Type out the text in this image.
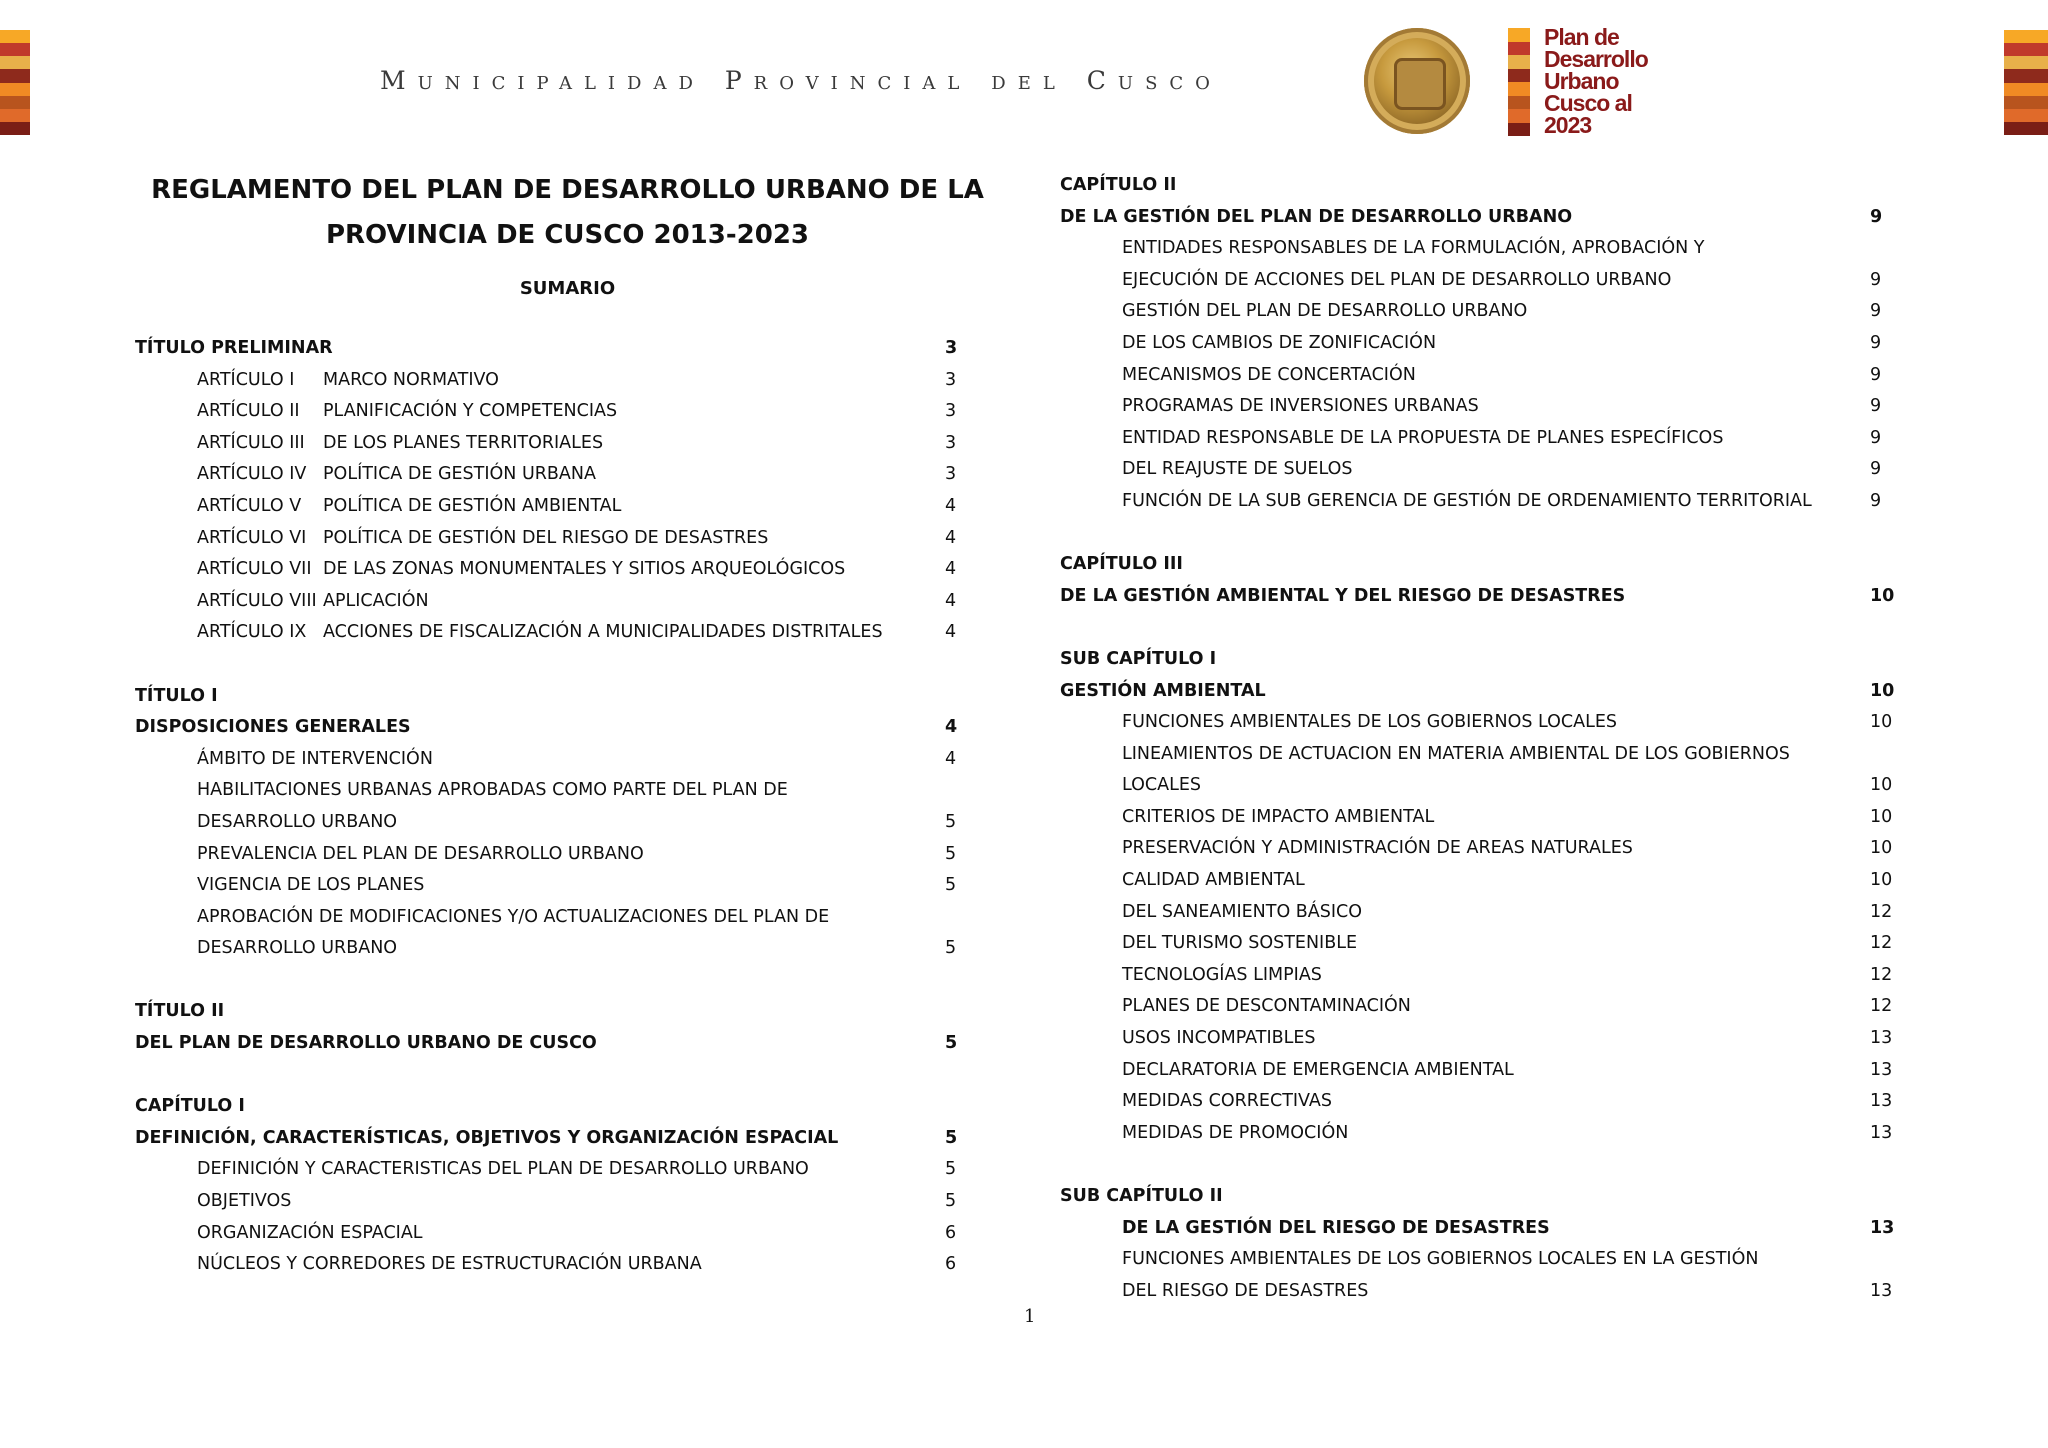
Municipalidad Provincial del Cusco
Plan de
Desarrollo
Urbano
Cusco al
2023
REGLAMENTO DEL PLAN DE DESARROLLO URBANO DE LA
PROVINCIA DE CUSCO 2013-2023
SUMARIO
TÍTULO PRELIMINAR	3
ARTÍCULO I MARCO NORMATIVO	3
ARTÍCULO II PLANIFICACIÓN Y COMPETENCIAS	3
ARTÍCULO III DE LOS PLANES TERRITORIALES	3
ARTÍCULO IV POLÍTICA DE GESTIÓN URBANA	3
ARTÍCULO V POLÍTICA DE GESTIÓN AMBIENTAL	4
ARTÍCULO VI POLÍTICA DE GESTIÓN DEL RIESGO DE DESASTRES	4
ARTÍCULO VII DE LAS ZONAS MONUMENTALES Y SITIOS ARQUEOLÓGICOS	4
ARTÍCULO VIII APLICACIÓN	4
ARTÍCULO IX ACCIONES DE FISCALIZACIÓN A MUNICIPALIDADES DISTRITALES	4
TÍTULO I
DISPOSICIONES GENERALES	4
ÁMBITO DE INTERVENCIÓN	4
HABILITACIONES URBANAS APROBADAS COMO PARTE DEL PLAN DE
DESARROLLO URBANO	5
PREVALENCIA DEL PLAN DE DESARROLLO URBANO	5
VIGENCIA DE LOS PLANES	5
APROBACIÓN DE MODIFICACIONES Y/O ACTUALIZACIONES DEL PLAN DE
DESARROLLO URBANO	5
TÍTULO II
DEL PLAN DE DESARROLLO URBANO DE CUSCO	5
CAPÍTULO I
DEFINICIÓN, CARACTERÍSTICAS, OBJETIVOS Y ORGANIZACIÓN ESPACIAL	5
DEFINICIÓN Y CARACTERISTICAS DEL PLAN DE DESARROLLO URBANO	5
OBJETIVOS	5
ORGANIZACIÓN ESPACIAL	6
NÚCLEOS Y CORREDORES DE ESTRUCTURACIÓN URBANA	6
CAPÍTULO II
DE LA GESTIÓN DEL PLAN DE DESARROLLO URBANO	9
ENTIDADES RESPONSABLES DE LA FORMULACIÓN, APROBACIÓN Y
EJECUCIÓN DE ACCIONES DEL PLAN DE DESARROLLO URBANO	9
GESTIÓN DEL PLAN DE DESARROLLO URBANO	9
DE LOS CAMBIOS DE ZONIFICACIÓN	9
MECANISMOS DE CONCERTACIÓN	9
PROGRAMAS DE INVERSIONES URBANAS	9
ENTIDAD RESPONSABLE DE LA PROPUESTA DE PLANES ESPECÍFICOS	9
DEL REAJUSTE DE SUELOS	9
FUNCIÓN DE LA SUB GERENCIA DE GESTIÓN DE ORDENAMIENTO TERRITORIAL	9
CAPÍTULO III
DE LA GESTIÓN AMBIENTAL Y DEL RIESGO DE DESASTRES	10
SUB CAPÍTULO I
GESTIÓN AMBIENTAL	10
FUNCIONES AMBIENTALES DE LOS GOBIERNOS LOCALES	10
LINEAMIENTOS DE ACTUACION EN MATERIA AMBIENTAL DE LOS GOBIERNOS
LOCALES	10
CRITERIOS DE IMPACTO AMBIENTAL	10
PRESERVACIÓN Y ADMINISTRACIÓN DE AREAS NATURALES	10
CALIDAD AMBIENTAL	10
DEL SANEAMIENTO BÁSICO	12
DEL TURISMO SOSTENIBLE	12
TECNOLOGÍAS LIMPIAS	12
PLANES DE DESCONTAMINACIÓN	12
USOS INCOMPATIBLES	13
DECLARATORIA DE EMERGENCIA AMBIENTAL	13
MEDIDAS CORRECTIVAS	13
MEDIDAS DE PROMOCIÓN	13
SUB CAPÍTULO II
DE LA GESTIÓN DEL RIESGO DE DESASTRES	13
FUNCIONES AMBIENTALES DE LOS GOBIERNOS LOCALES EN LA GESTIÓN
DEL RIESGO DE DESASTRES	13
1
